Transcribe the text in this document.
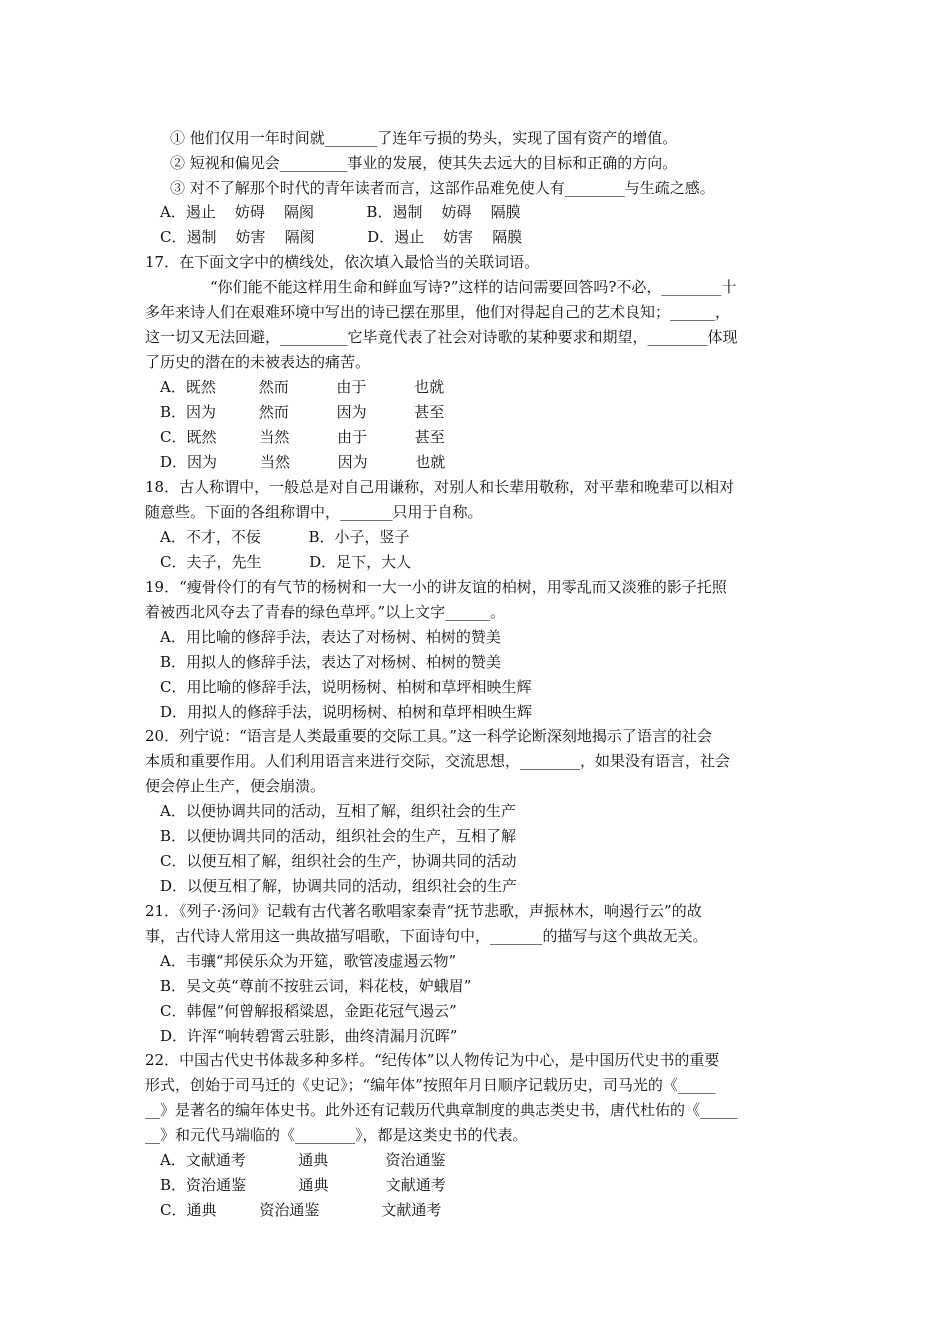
① 他们仅用一年时间就_______了连年亏损的势头，实现了国有资产的增值。
② 短视和偏见会_________事业的发展，使其失去远大的目标和正确的方向。
③ 对不了解那个时代的青年读者而言，这部作品难免使人有________与生疏之感。
A．遏止    妨碍    隔阂           B．遏制    妨碍    隔膜
C．遏制    妨害    隔阂           D．遏止    妨害    隔膜
17．在下面文字中的横线处，依次填入最恰当的关联词语。
“你们能不能这样用生命和鲜血写诗?”这样的诘问需要回答吗?不必，________十
多年来诗人们在艰难环境中写出的诗已摆在那里，他们对得起自己的艺术良知；______，
这一切又无法回避，_________它毕竟代表了社会对诗歌的某种要求和期望，________体现
了历史的潜在的未被表达的痛苦。
A．既然         然而          由于          也就
B．因为         然而          因为          甚至
C．既然         当然          由于          甚至
D．因为         当然          因为          也就
18．古人称谓中，一般总是对自己用谦称，对别人和长辈用敬称，对平辈和晚辈可以相对
随意些。下面的各组称谓中，_______只用于自称。
A．不才，不佞          B．小子，竖子
C．夫子，先生          D．足下，大人
19．“瘦骨伶仃的有气节的杨树和一大一小的讲友谊的柏树，用零乱而又淡雅的影子托照
着被西北风夺去了青春的绿色草坪。”以上文字______。
A．用比喻的修辞手法，表达了对杨树、柏树的赞美
B．用拟人的修辞手法，表达了对杨树、柏树的赞美
C．用比喻的修辞手法，说明杨树、柏树和草坪相映生辉
D．用拟人的修辞手法，说明杨树、柏树和草坪相映生辉
20．列宁说：“语言是人类最重要的交际工具。”这一科学论断深刻地揭示了语言的社会
本质和重要作用。人们利用语言来进行交际，交流思想，________，如果没有语言，社会
便会停止生产，便会崩溃。
A．以便协调共同的活动，互相了解，组织社会的生产
B．以便协调共同的活动，组织社会的生产，互相了解
C．以便互相了解，组织社会的生产，协调共同的活动
D．以便互相了解，协调共同的活动，组织社会的生产
21．《列子·汤问》记载有古代著名歌唱家秦青“抚节悲歌，声振林木，响遏行云”的故
事，古代诗人常用这一典故描写唱歌，下面诗句中，_______的描写与这个典故无关。
A．韦骧“邦侯乐众为开筵，歌管凌虚遏云物”
B．吴文英“尊前不按驻云词，料花枝，妒蛾眉”
C．韩偓“何曾解报稻粱恩，金距花冠气遏云”
D．许浑“响转碧霄云驻影，曲终清漏月沉晖”
22．中国古代史书体裁多种多样。“纪传体”以人物传记为中心，是中国历代史书的重要
形式，创始于司马迁的《史记》；“编年体”按照年月日顺序记载历史，司马光的《_____
__》是著名的编年体史书。此外还有记载历代典章制度的典志类史书，唐代杜佑的《_____
__》和元代马端临的《________》，都是这类史书的代表。
A．文献通考           通典            资治通鉴
B．资治通鉴           通典            文献通考
C．通典         资治通鉴             文献通考
